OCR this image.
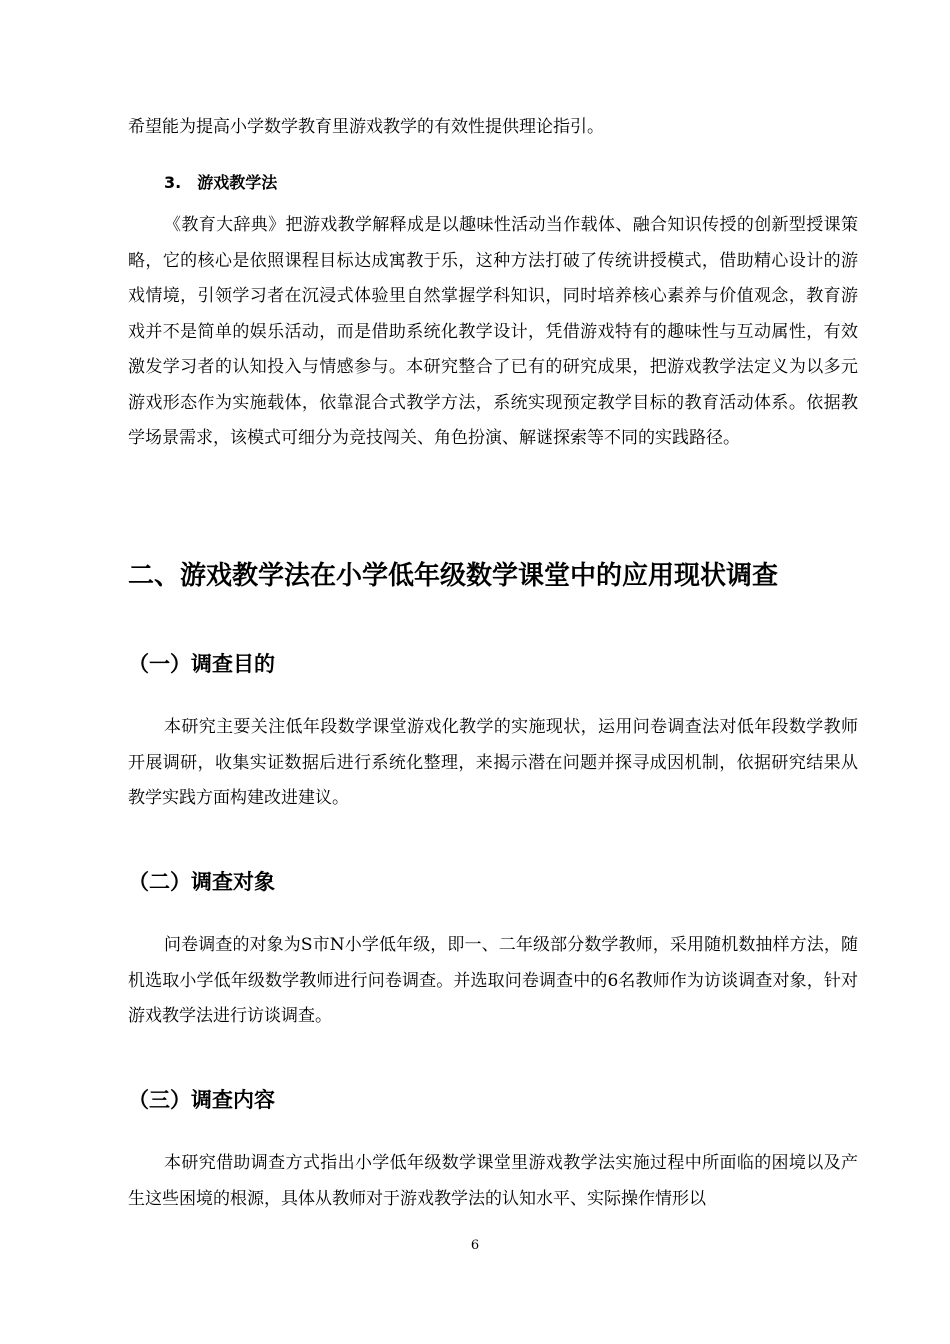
希望能为提高小学数学教育里游戏教学的有效性提供理论指引。

3.　游戏教学法

《教育大辞典》把游戏教学解释成是以趣味性活动当作载体、融合知识传授的创新型授课策略，它的核心是依照课程目标达成寓教于乐，这种方法打破了传统讲授模式，借助精心设计的游戏情境，引领学习者在沉浸式体验里自然掌握学科知识，同时培养核心素养与价值观念，教育游戏并不是简单的娱乐活动，而是借助系统化教学设计，凭借游戏特有的趣味性与互动属性，有效激发学习者的认知投入与情感参与。本研究整合了已有的研究成果，把游戏教学法定义为以多元游戏形态作为实施载体，依靠混合式教学方法，系统实现预定教学目标的教育活动体系。依据教学场景需求，该模式可细分为竞技闯关、角色扮演、解谜探索等不同的实践路径。

二、游戏教学法在小学低年级数学课堂中的应用现状调查
（一）调查目的

本研究主要关注低年段数学课堂游戏化教学的实施现状，运用问卷调查法对低年段数学教师开展调研，收集实证数据后进行系统化整理，来揭示潜在问题并探寻成因机制，依据研究结果从教学实践方面构建改进建议。

（二）调查对象

问卷调查的对象为S市N小学低年级，即一、二年级部分数学教师，采用随机数抽样方法，随机选取小学低年级数学教师进行问卷调查。并选取问卷调查中的6名教师作为访谈调查对象，针对游戏教学法进行访谈调查。

（三）调查内容

本研究借助调查方式指出小学低年级数学课堂里游戏教学法实施过程中所面临的困境以及产生这些困境的根源，具体从教师对于游戏教学法的认知水平、实际操作情形以

6
